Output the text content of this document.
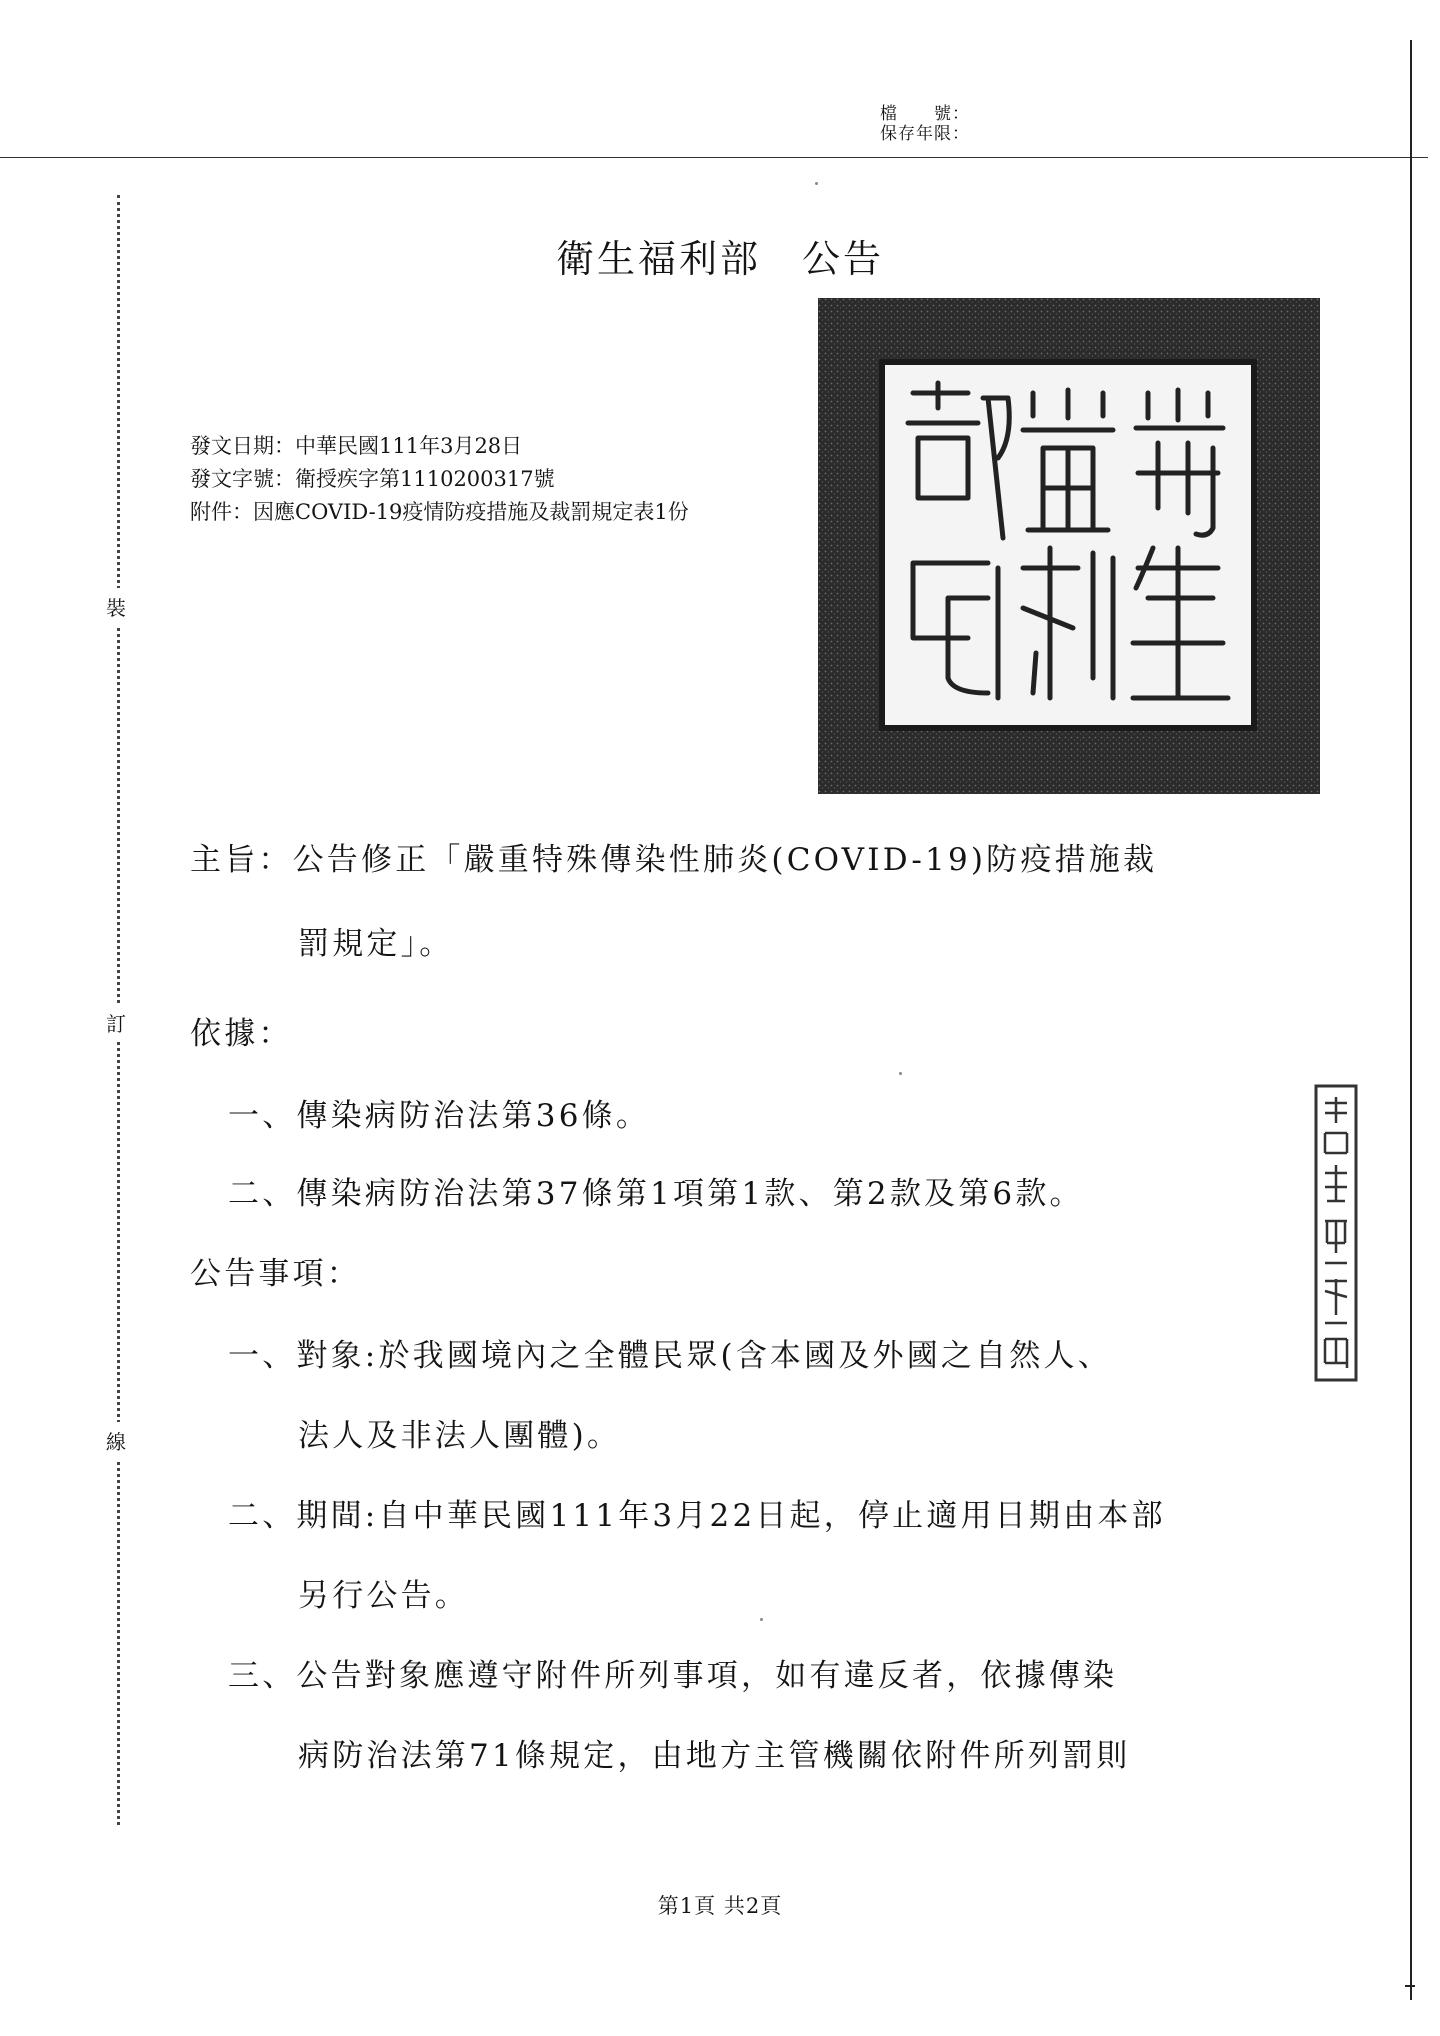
檔　　號：
保存年限：
裝
訂
線
衛生福利部　公告
發文日期：中華民國111年3月28日
發文字號：衛授疾字第1110200317號
附件：因應COVID-19疫情防疫措施及裁罰規定表1份
主旨：公告修正「嚴重特殊傳染性肺炎(COVID-19)防疫措施裁
罰規定」。
依據：
一、傳染病防治法第36條。
二、傳染病防治法第37條第1項第1款、第2款及第6款。
公告事項：
一、對象:於我國境內之全體民眾(含本國及外國之自然人、
法人及非法人團體)。
二、期間:自中華民國111年3月22日起，停止適用日期由本部
另行公告。
三、公告對象應遵守附件所列事項，如有違反者，依據傳染
病防治法第71條規定，由地方主管機關依附件所列罰則
第1頁 共2頁
